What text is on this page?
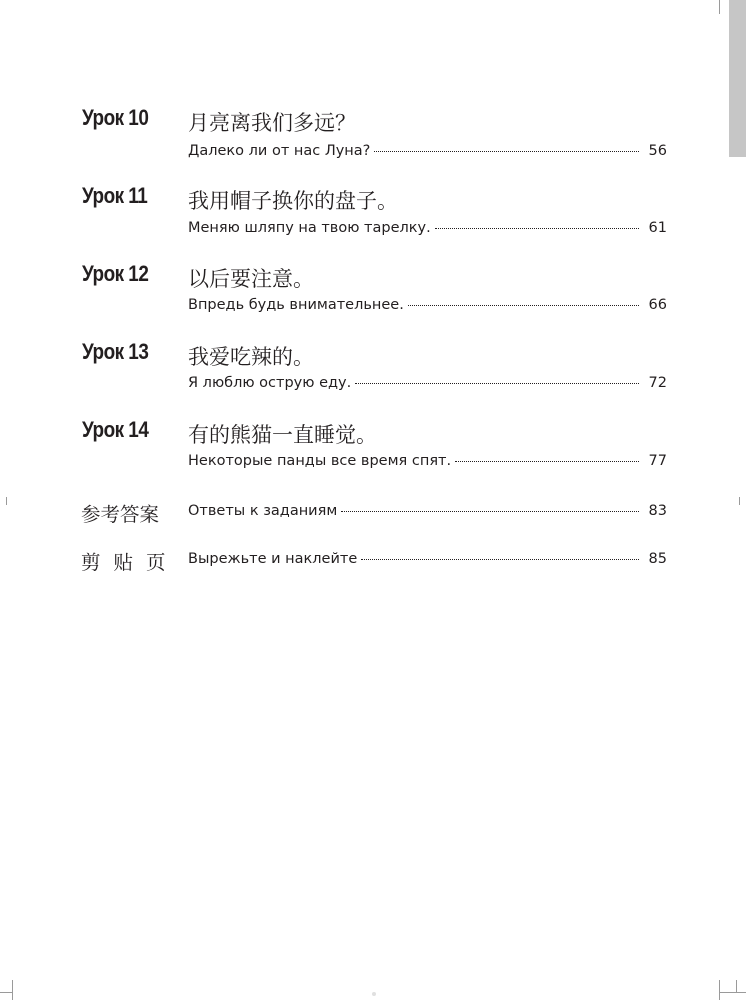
Урок 10 月亮离我们多远？
Далеко ли от нас Луна?	56
Урок 11 我用帽子换你的盘子。
Меняю шляпу на твою тарелку.	61
Урок 12 以后要注意。
Впредь будь внимательнее.	66
Урок 13 我爱吃辣的。
Я люблю острую еду.	72
Урок 14 有的熊猫一直睡觉。
Некоторые панды все время спят.	77
参考答案 Ответы к заданиям	83
剪贴页 Вырежьте и наклейте	85
